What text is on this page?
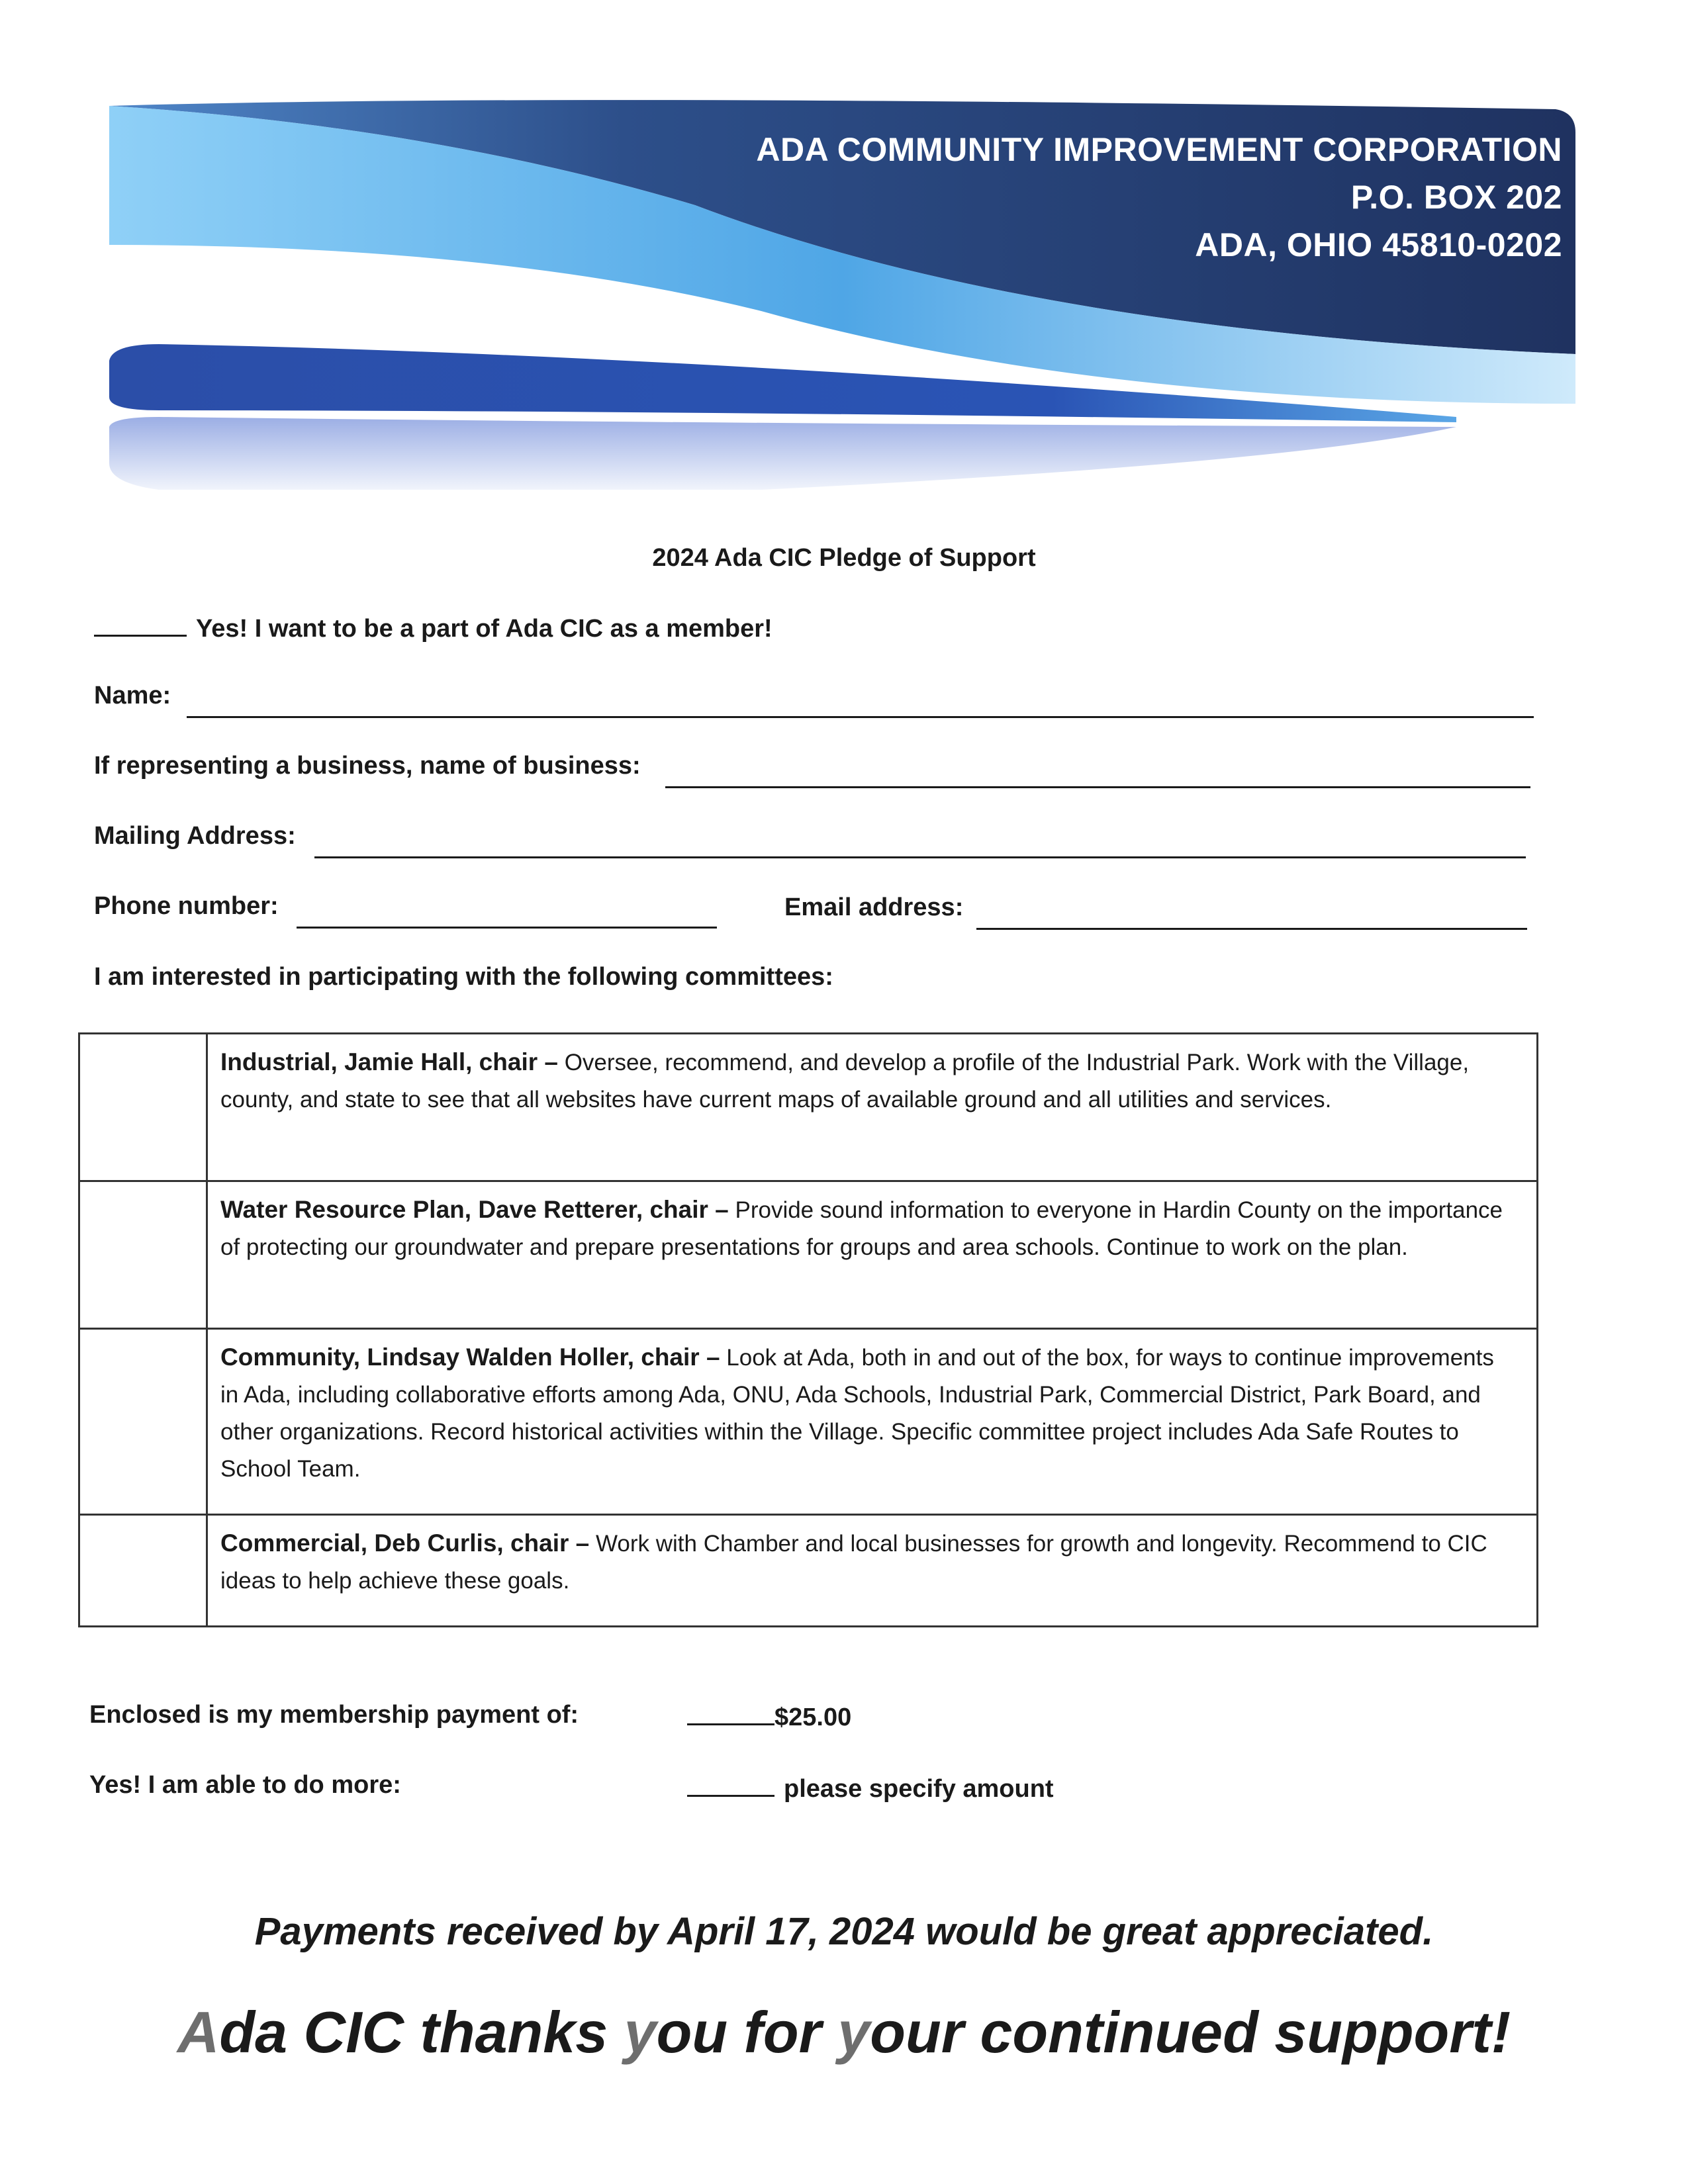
ADA COMMUNITY IMPROVEMENT CORPORATION
P.O. BOX 202
ADA, OHIO 45810-0202
2024 Ada CIC Pledge of Support
Yes! I want to be a part of Ada CIC as a member!
Name:
If representing a business, name of business:
Mailing Address:
Phone number:	Email address:
I am interested in participating with the following committees:
Industrial, Jamie Hall, chair – Oversee, recommend, and develop a profile of the Industrial Park. Work with the Village, county, and state to see that all websites have current maps of available ground and all utilities and services.
Water Resource Plan, Dave Retterer, chair – Provide sound information to everyone in Hardin County on the importance of protecting our groundwater and prepare presentations for groups and area schools. Continue to work on the plan.
Community, Lindsay Walden Holler, chair – Look at Ada, both in and out of the box, for ways to continue improvements in Ada, including collaborative efforts among Ada, ONU, Ada Schools, Industrial Park, Commercial District, Park Board, and other organizations. Record historical activities within the Village. Specific committee project includes Ada Safe Routes to School Team.
Commercial, Deb Curlis, chair – Work with Chamber and local businesses for growth and longevity. Recommend to CIC ideas to help achieve these goals.
Enclosed is my membership payment of:	$25.00
Yes! I am able to do more:	please specify amount
Payments received by April 17, 2024 would be great appreciated.
Ada CIC thanks you for your continued support!
